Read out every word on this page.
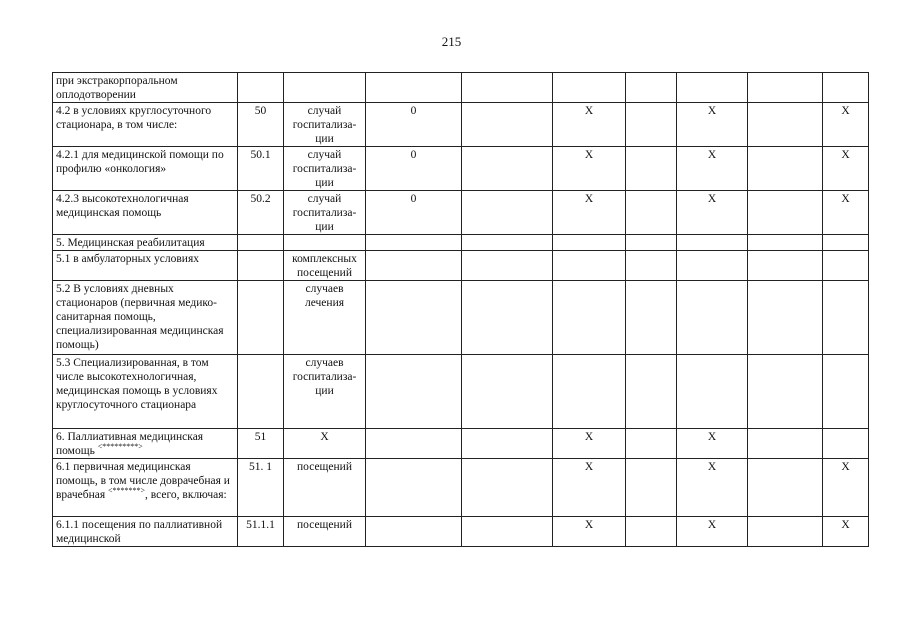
215
при экстракорпоральном оплодотворении									
4.2 в условиях круглосуточного стационара, в том числе:	50	случай госпитализа-ции	0		X		X		X
4.2.1 для медицинской помощи по профилю «онкология»	50.1	случай госпитализа-ции	0		X		X		X
4.2.3 высокотехнологичная медицинская помощь	50.2	случай госпитализа-ции	0		X		X		X
5. Медицинская реабилитация									
5.1 в амбулаторных условиях		комплексных посещений							
5.2 В условиях дневных стационаров (первичная медико-санитарная помощь, специализированная медицинская помощь)		случаев лечения							
5.3 Специализированная, в том числе высокотехнологичная, медицинская помощь в условиях круглосуточного стационара		случаев госпитализа-ции							
6. Паллиативная медицинская помощь <*********>	51	X			X		X		
6.1 первичная медицинская помощь, в том числе доврачебная и врачебная <*******>, всего, включая:	51. 1	посещений			X		X		X
6.1.1 посещения по паллиативной медицинской	51.1.1	посещений			X		X		X
